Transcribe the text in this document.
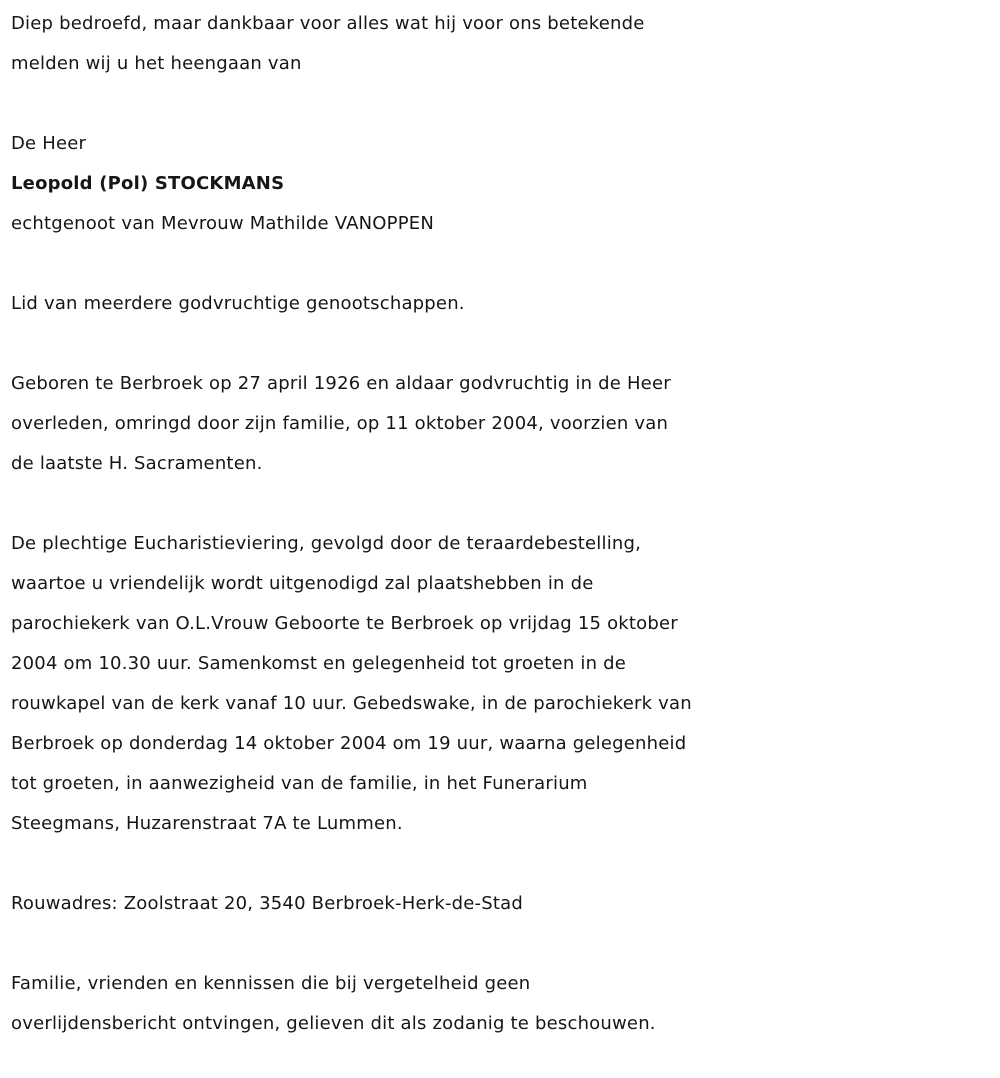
Diep bedroefd, maar dankbaar voor alles wat hij voor ons betekende

melden wij u het heengaan van

De Heer

Leopold (Pol) STOCKMANS

echtgenoot van Mevrouw Mathilde VANOPPEN

Lid van meerdere godvruchtige genootschappen.

Geboren te Berbroek op 27 april 1926 en aldaar godvruchtig in de Heer

overleden, omringd door zijn familie, op 11 oktober 2004, voorzien van

de laatste H. Sacramenten.

De plechtige Eucharistieviering, gevolgd door de teraardebestelling,

waartoe u vriendelijk wordt uitgenodigd zal plaatshebben in de

parochiekerk van O.L.Vrouw Geboorte te Berbroek op vrijdag 15 oktober

2004 om 10.30 uur. Samenkomst en gelegenheid tot groeten in de

rouwkapel van de kerk vanaf 10 uur. Gebedswake, in de parochiekerk van

Berbroek op donderdag 14 oktober 2004 om 19 uur, waarna gelegenheid

tot groeten, in aanwezigheid van de familie, in het Funerarium

Steegmans, Huzarenstraat 7A te Lummen.

Rouwadres: Zoolstraat 20, 3540 Berbroek-Herk-de-Stad

Familie, vrienden en kennissen die bij vergetelheid geen

overlijdensbericht ontvingen, gelieven dit als zodanig te beschouwen.
